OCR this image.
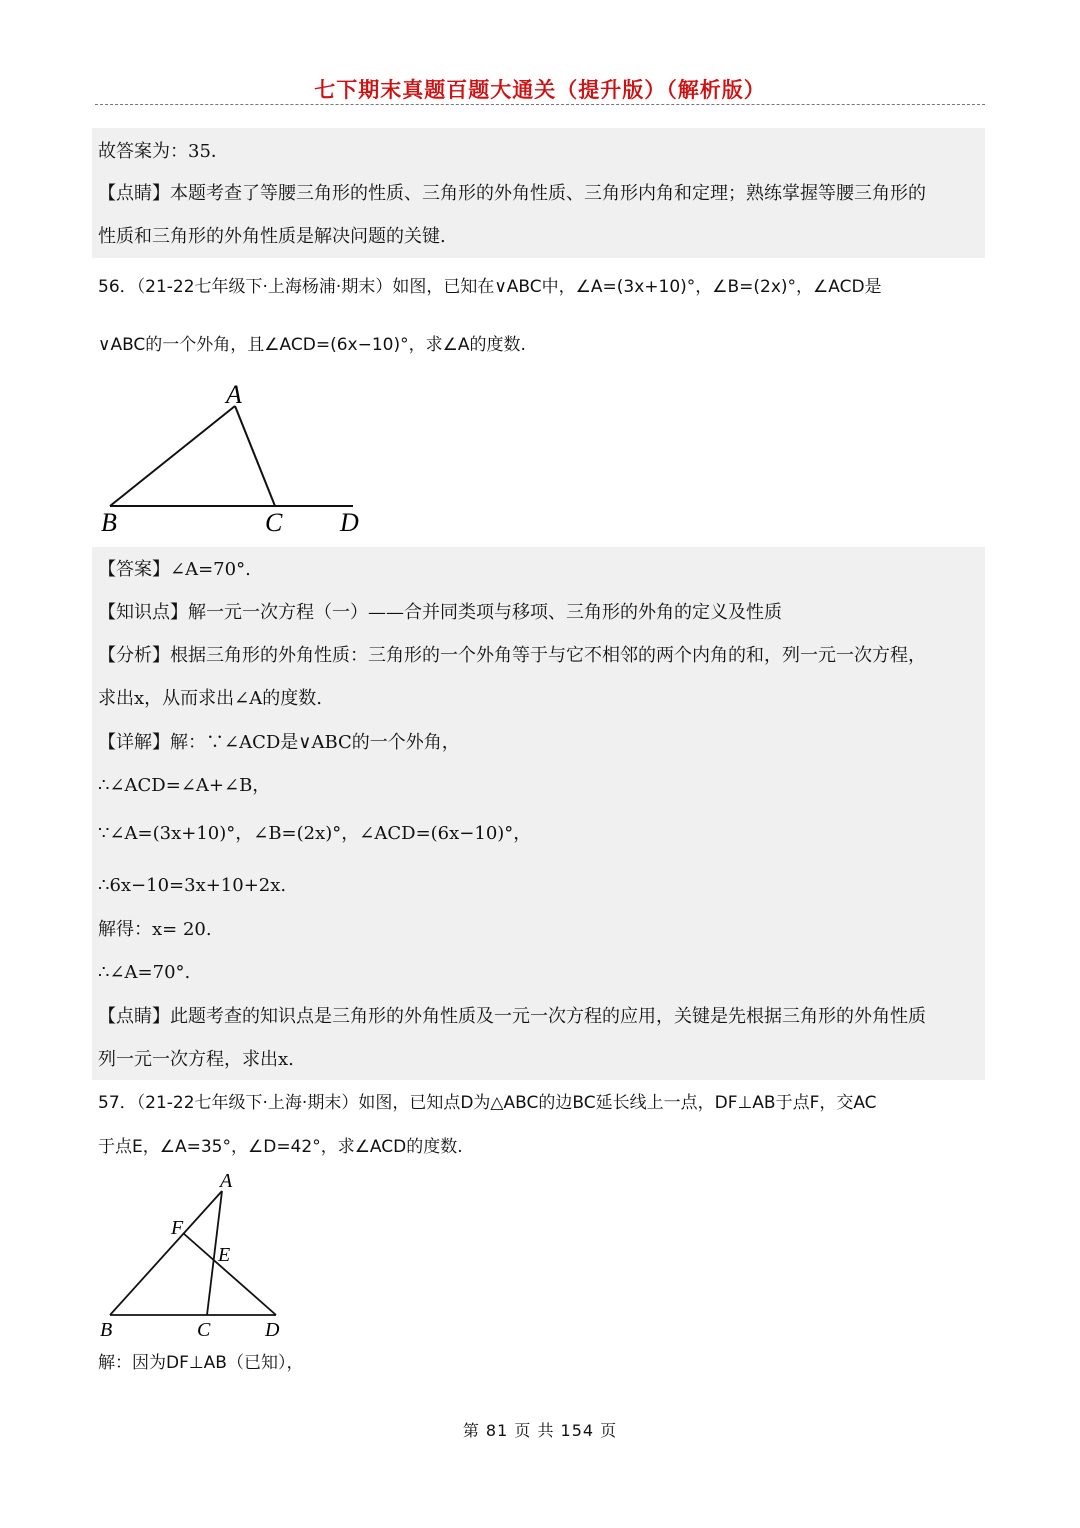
七下期末真题百题大通关（提升版）（解析版）
故答案为：35．
【点睛】本题考查了等腰三角形的性质、三角形的外角性质、三角形内角和定理；熟练掌握等腰三角形的
性质和三角形的外角性质是解决问题的关键.
56．（21-22七年级下·上海杨浦·期末）如图，已知在∨ABC中，∠A=(3x+10)°，∠B=(2x)°，∠ACD是
∨ABC的一个外角，且∠ACD=(6x−10)°，求∠A的度数.
A
B	C D
【答案】∠A=70°.
【知识点】解一元一次方程（一）——合并同类项与移项、三角形的外角的定义及性质
【分析】根据三角形的外角性质：三角形的一个外角等于与它不相邻的两个内角的和，列一元一次方程，
求出x，从而求出∠A的度数.
【详解】解：∵∠ACD是∨ABC的一个外角，
∴∠ACD=∠A+∠B，
∵∠A=(3x+10)°，∠B=(2x)°，∠ACD=(6x−10)°，
∴6x−10=3x+10+2x.
解得：x= 20.
∴∠A=70°.
【点睛】此题考查的知识点是三角形的外角性质及一元一次方程的应用，关键是先根据三角形的外角性质
列一元一次方程，求出x.
57．（21-22七年级下·上海·期末）如图，已知点D为△ABC的边BC延长线上一点，DF⊥AB于点F，交AC
于点E，∠A=35°，∠D=42°，求∠ACD的度数.
A
F
E
B	C	D
解：因为DF⊥AB（已知），
第 81 页 共 154 页
